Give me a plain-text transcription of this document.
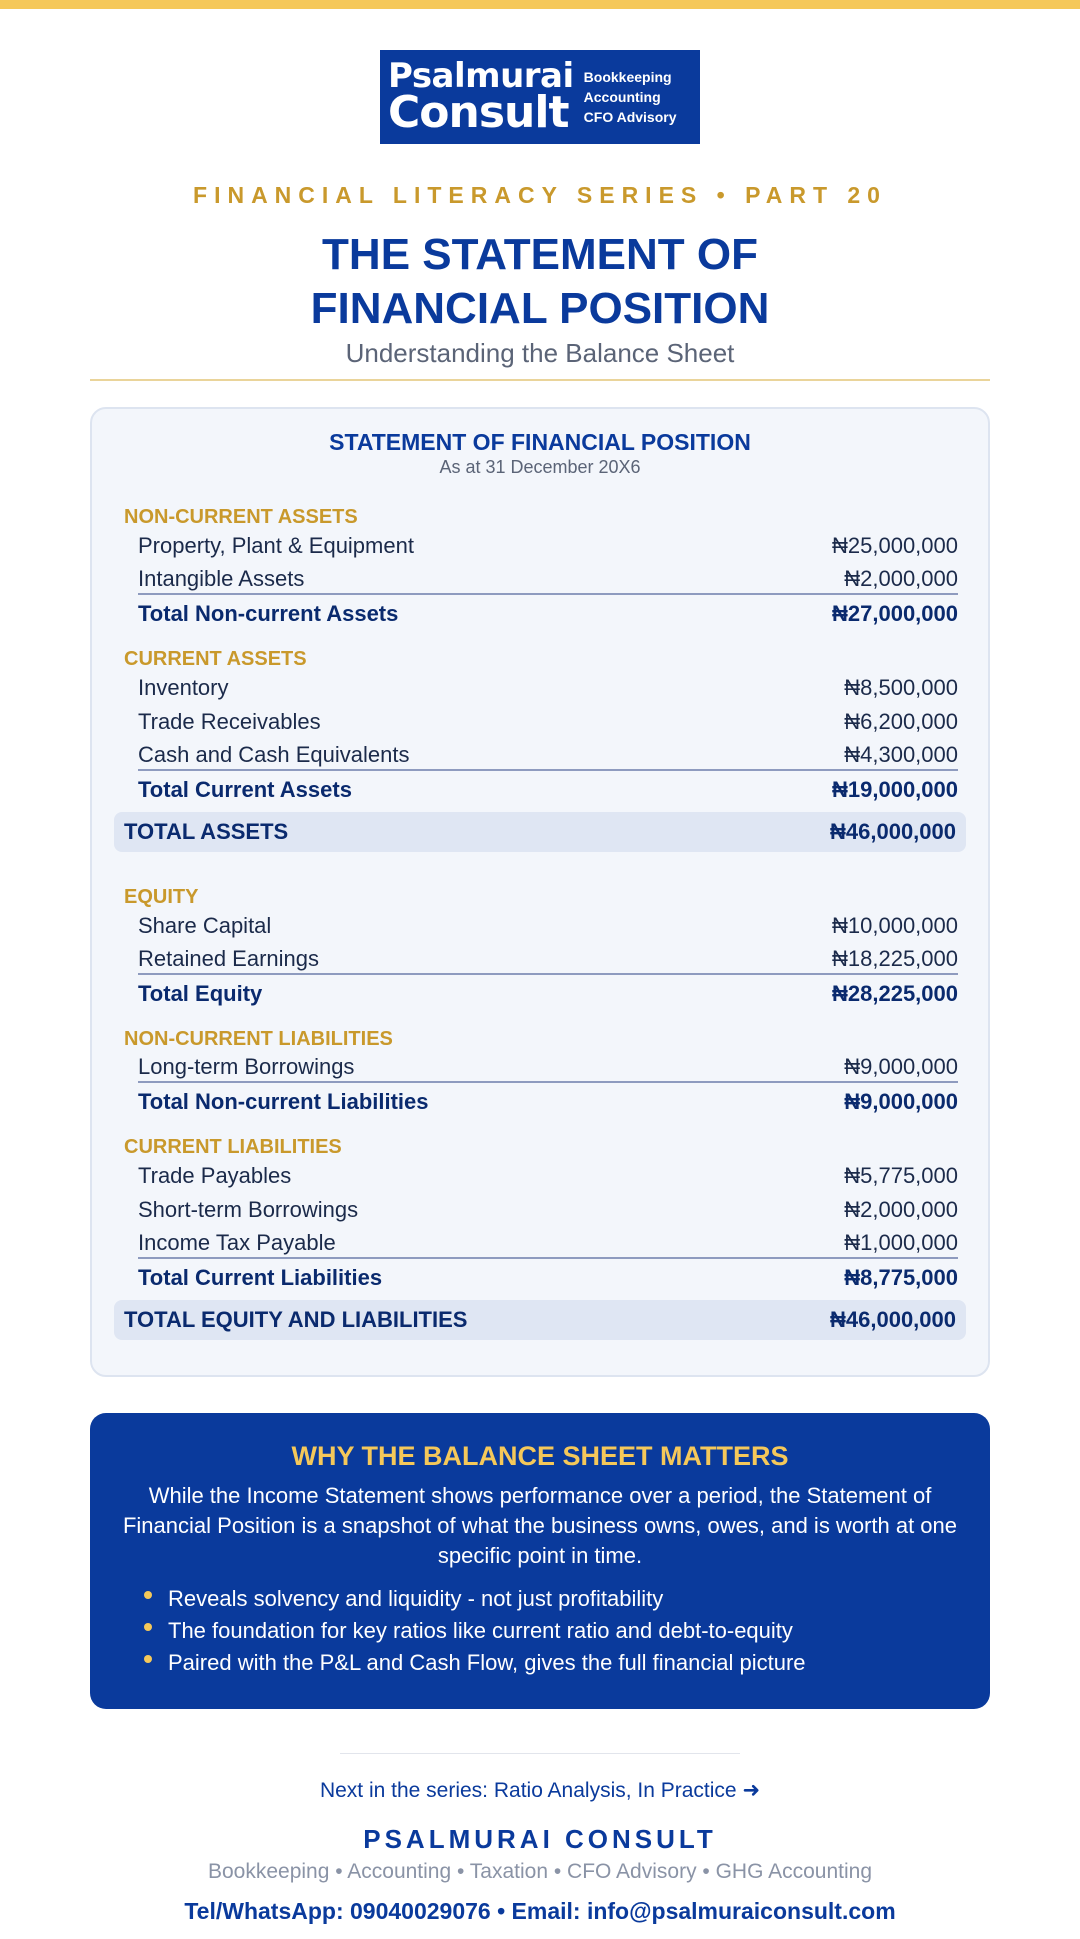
Psalmurai
Consult
Bookkeeping
Accounting
CFO Advisory
FINANCIAL LITERACY SERIES • PART 20
THE STATEMENT OF
FINANCIAL POSITION
Understanding the Balance Sheet
STATEMENT OF FINANCIAL POSITION
As at 31 December 20X6
NON-CURRENT ASSETS
Property, Plant & Equipment	₦25,000,000
Intangible Assets	₦2,000,000
Total Non-current Assets	₦27,000,000
CURRENT ASSETS
Inventory	₦8,500,000
Trade Receivables	₦6,200,000
Cash and Cash Equivalents	₦4,300,000
Total Current Assets	₦19,000,000
TOTAL ASSETS	₦46,000,000
EQUITY
Share Capital	₦10,000,000
Retained Earnings	₦18,225,000
Total Equity	₦28,225,000
NON-CURRENT LIABILITIES
Long-term Borrowings	₦9,000,000
Total Non-current Liabilities	₦9,000,000
CURRENT LIABILITIES
Trade Payables	₦5,775,000
Short-term Borrowings	₦2,000,000
Income Tax Payable	₦1,000,000
Total Current Liabilities	₦8,775,000
TOTAL EQUITY AND LIABILITIES	₦46,000,000
WHY THE BALANCE SHEET MATTERS
While the Income Statement shows performance over a period, the Statement of Financial Position is a snapshot of what the business owns, owes, and is worth at one specific point in time.
Reveals solvency and liquidity - not just profitability
The foundation for key ratios like current ratio and debt-to-equity
Paired with the P&L and Cash Flow, gives the full financial picture
Next in the series: Ratio Analysis, In Practice ➜
PSALMURAI CONSULT
Bookkeeping • Accounting • Taxation • CFO Advisory • GHG Accounting
Tel/WhatsApp: 09040029076 • Email: info@psalmuraiconsult.com
